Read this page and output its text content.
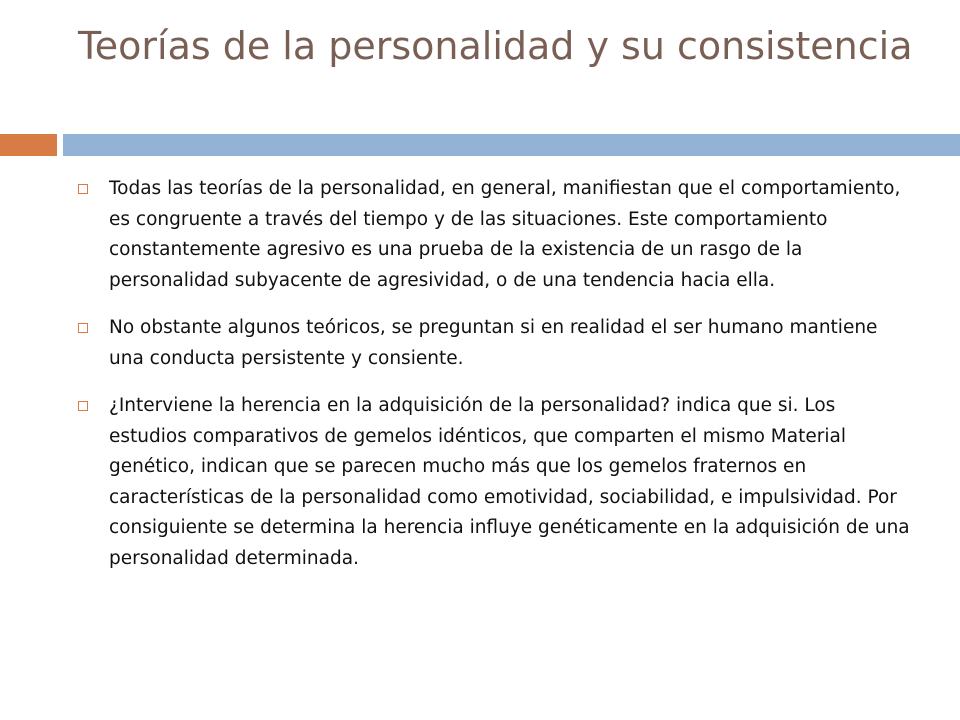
Teorías de la personalidad y su consistencia
Todas las teorías de la personalidad, en general, manifiestan que el comportamiento, es congruente a través del tiempo y de las situaciones. Este comportamiento constantemente agresivo es una prueba de la existencia de un rasgo de la personalidad subyacente de agresividad, o de una tendencia hacia ella.
No obstante algunos teóricos, se preguntan si en realidad el ser humano mantiene una conducta persistente y consiente.
¿Interviene la herencia en la adquisición de la personalidad? indica que si. Los estudios comparativos de gemelos idénticos, que comparten el mismo Material genético, indican que se parecen mucho más que los gemelos fraternos en características de la personalidad como emotividad, sociabilidad, e impulsividad. Por consiguiente se determina la herencia influye genéticamente en la adquisición de una personalidad determinada.
